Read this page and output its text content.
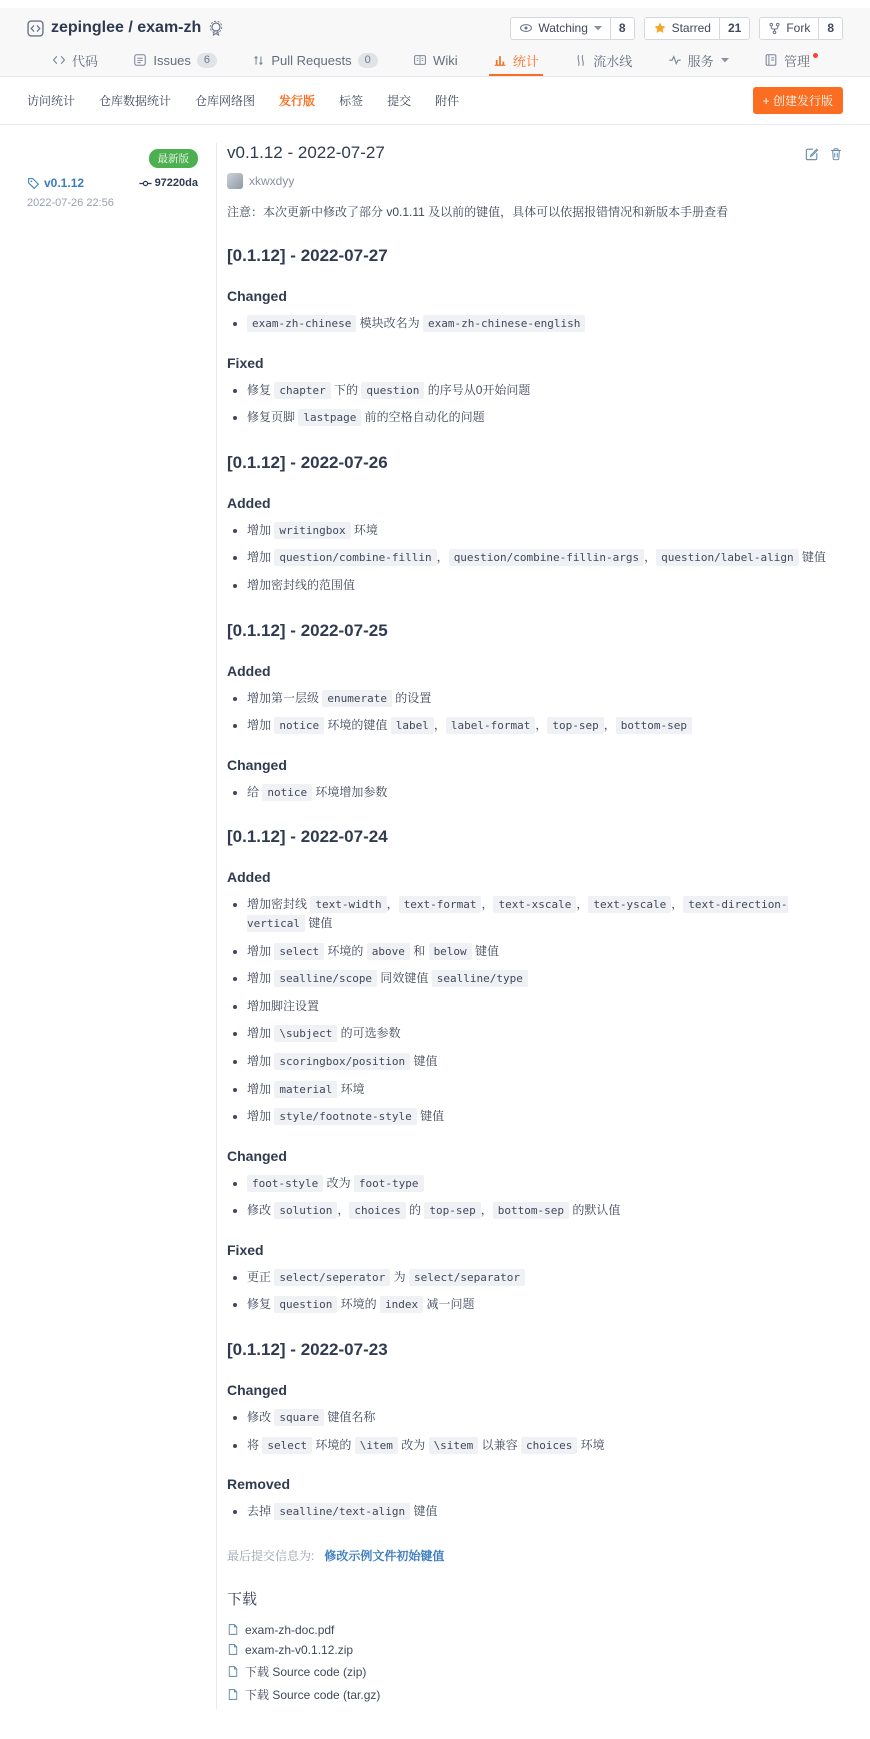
zepinglee / exam-zh	Watching	8	Starred	21	Fork	8
代码	Issues	6	Pull Requests	0	Wiki	统计	流水线	服务	管理
访问统计 仓库数据统计 仓库网络图 发行版 标签 提交 附件	+ 创建发行版
最新版
v0.1.12	97220da
2022-07-26 22:56
v0.1.12 - 2022-07-27
xkwxdyy

注意：本次更新中修改了部分 v0.1.11 及以前的键值，具体可以依据报错情况和新版本手册查看

[0.1.12] - 2022-07-27
Changed
• exam-zh-chinese 模块改名为 exam-zh-chinese-english
Fixed
• 修复 chapter 下的 question 的序号从0开始问题
• 修复页脚 lastpage 前的空格自动化的问题
[0.1.12] - 2022-07-26
Added
• 增加 writingbox 环境
• 增加 question/combine-fillin ， question/combine-fillin-args ， question/label-align 键值
• 增加密封线的范围值
[0.1.12] - 2022-07-25
Added
• 增加第一层级 enumerate 的设置
• 增加 notice 环境的键值 label ， label-format ， top-sep ， bottom-sep
Changed
• 给 notice 环境增加参数
[0.1.12] - 2022-07-24
Added
• 增加密封线 text-width ， text-format ， text-xscale ， text-yscale ， text-direction-vertical 键值
• 增加 select 环境的 above 和 below 键值
• 增加 sealline/scope 同效键值 sealline/type
• 增加脚注设置
• 增加 \subject 的可选参数
• 增加 scoringbox/position 键值
• 增加 material 环境
• 增加 style/footnote-style 键值
Changed
• foot-style 改为 foot-type
• 修改 solution ， choices 的 top-sep ， bottom-sep 的默认值
Fixed
• 更正 select/seperator 为 select/separator
• 修复 question 环境的 index 减一问题
[0.1.12] - 2022-07-23
Changed
• 修改 square 键值名称
• 将 select 环境的 \item 改为 \sitem 以兼容 choices 环境
Removed
• 去掉 sealline/text-align 键值
最后提交信息为: 修改示例文件初始键值
下载
exam-zh-doc.pdf
exam-zh-v0.1.12.zip
下载 Source code (zip)
下载 Source code (tar.gz)
